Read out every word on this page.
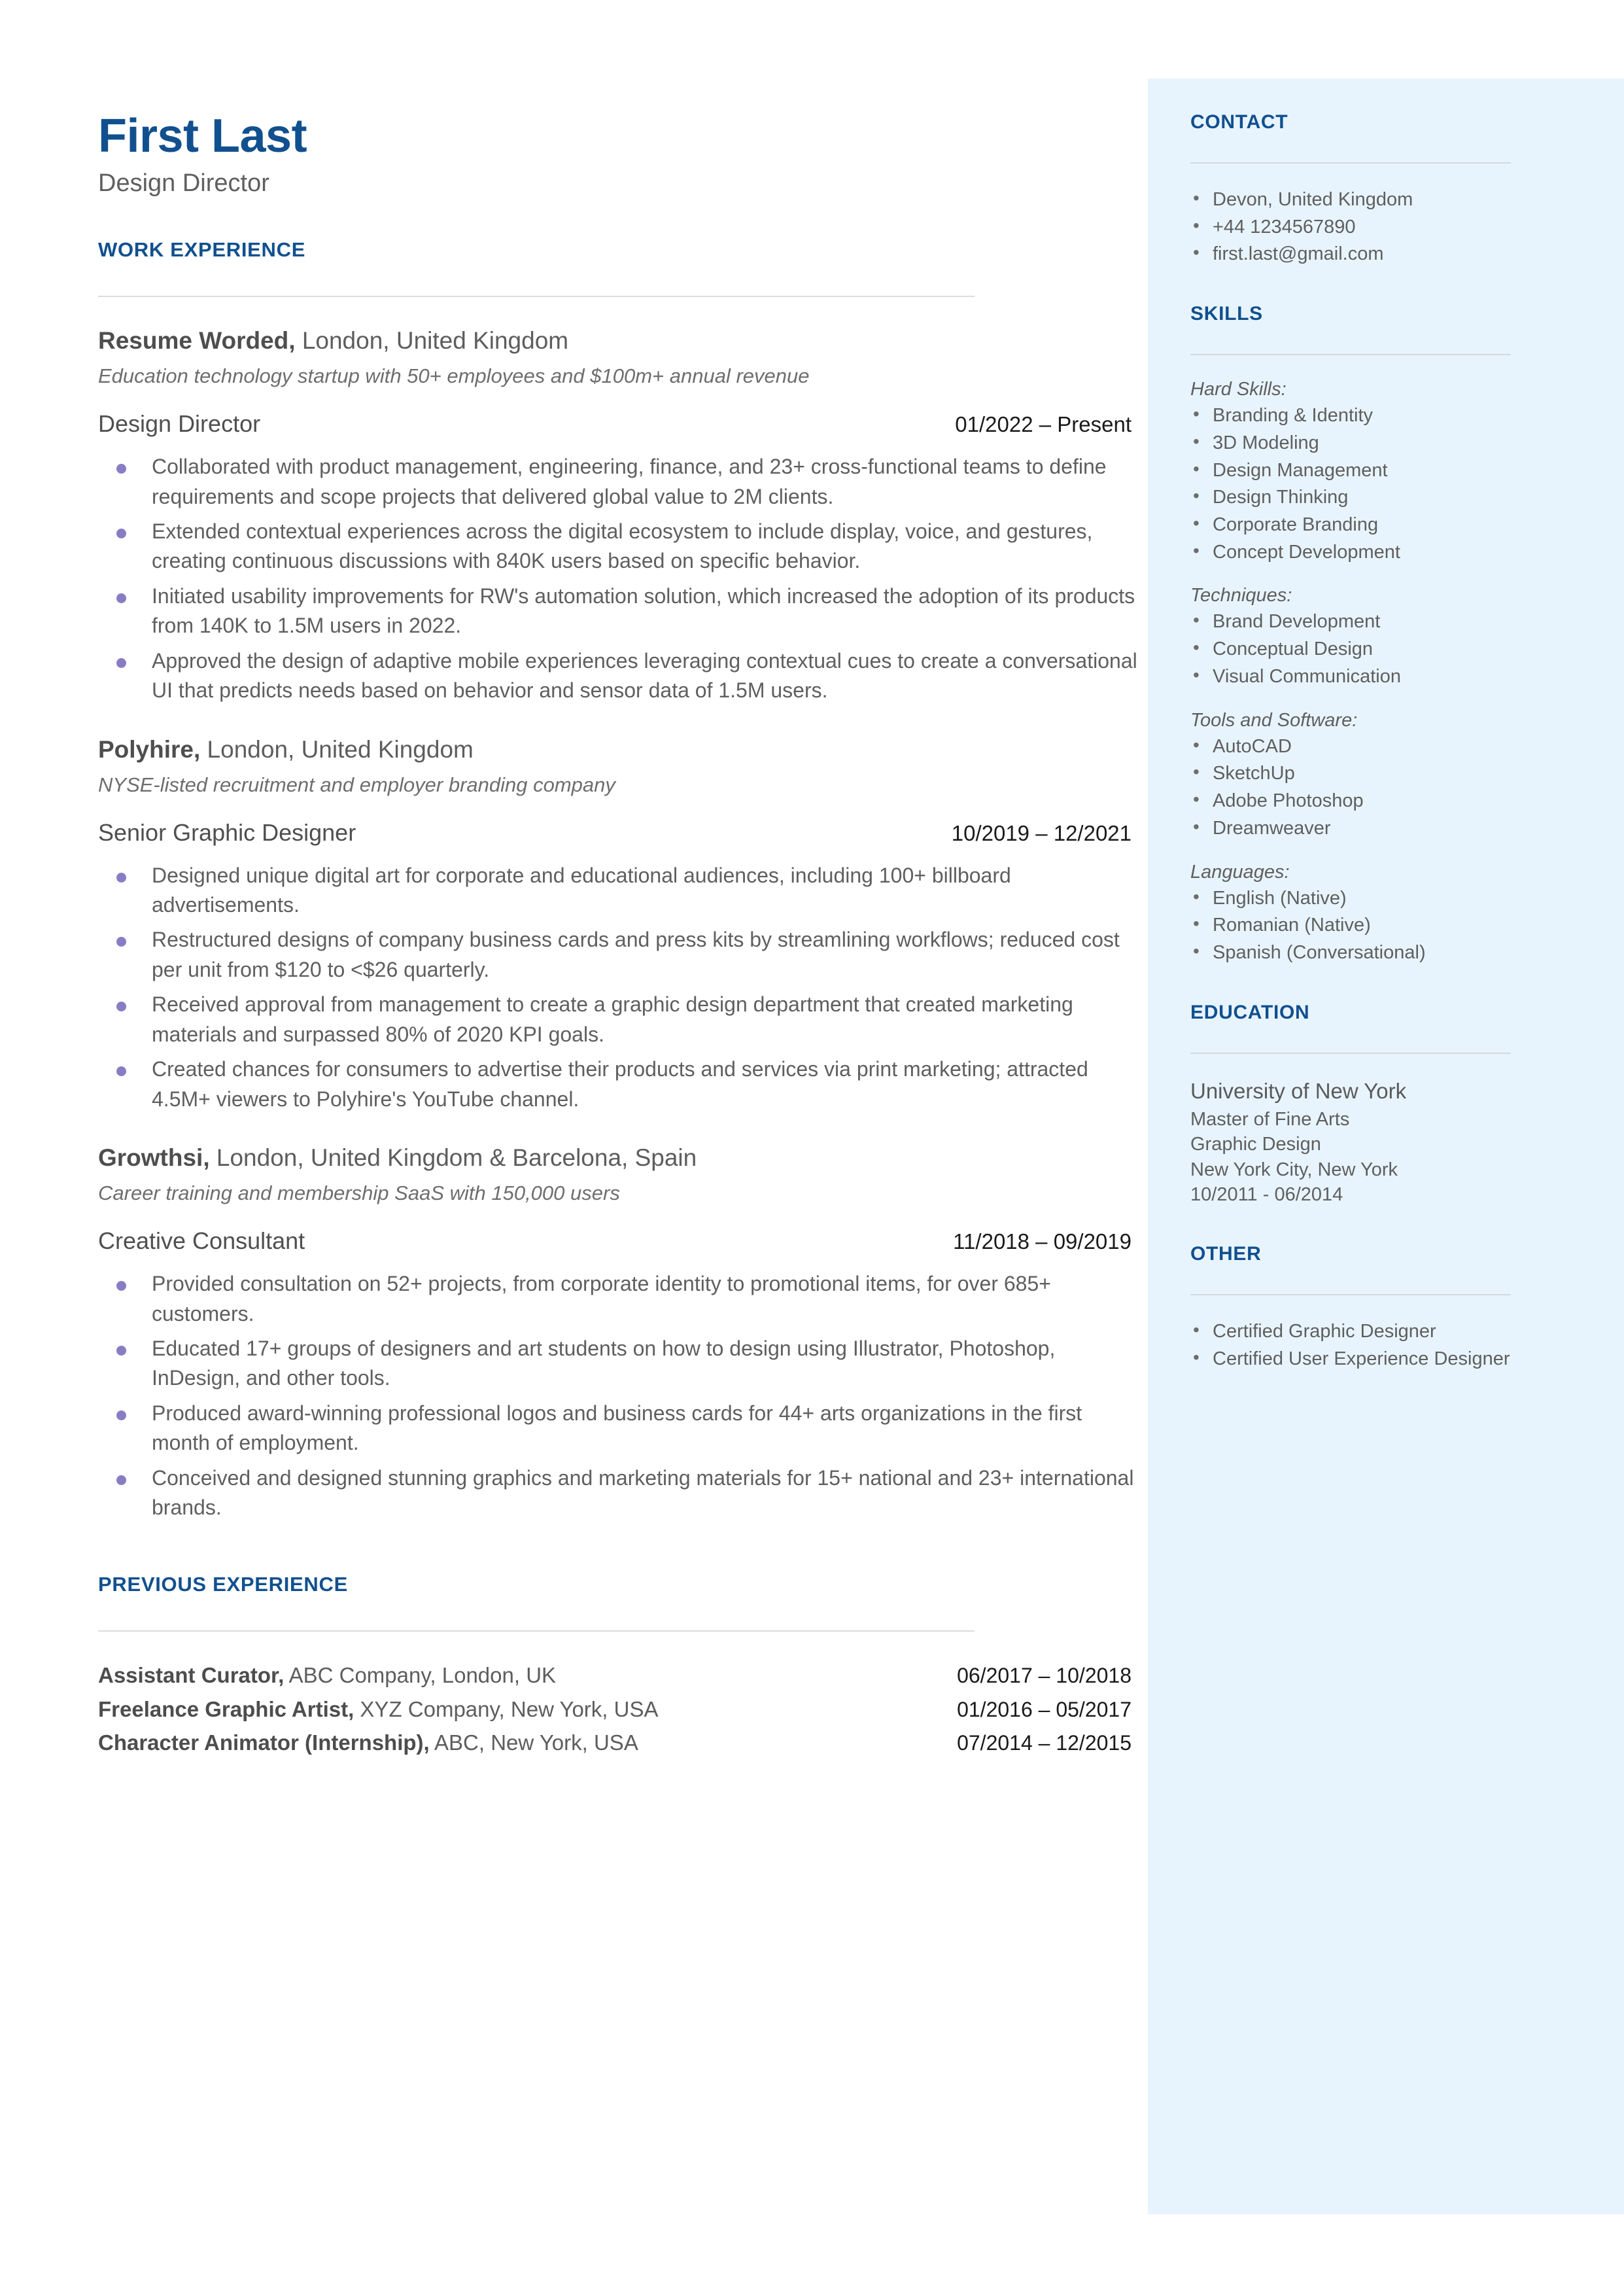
First Last
Design Director
WORK EXPERIENCE
Resume Worded, London, United Kingdom
Education technology startup with 50+ employees and $100m+ annual revenue
Design Director	01/2022 – Present
Collaborated with product management, engineering, finance, and 23+ cross-functional teams to define requirements and scope projects that delivered global value to 2M clients.
Extended contextual experiences across the digital ecosystem to include display, voice, and gestures, creating continuous discussions with 840K users based on specific behavior.
Initiated usability improvements for RW's automation solution, which increased the adoption of its products from 140K to 1.5M users in 2022.
Approved the design of adaptive mobile experiences leveraging contextual cues to create a conversational UI that predicts needs based on behavior and sensor data of 1.5M users.
Polyhire, London, United Kingdom
NYSE-listed recruitment and employer branding company
Senior Graphic Designer	10/2019 – 12/2021
Designed unique digital art for corporate and educational audiences, including 100+ billboard advertisements.
Restructured designs of company business cards and press kits by streamlining workflows; reduced cost per unit from $120 to <$26 quarterly.
Received approval from management to create a graphic design department that created marketing materials and surpassed 80% of 2020 KPI goals.
Created chances for consumers to advertise their products and services via print marketing; attracted 4.5M+ viewers to Polyhire's YouTube channel.
Growthsi, London, United Kingdom & Barcelona, Spain
Career training and membership SaaS with 150,000 users
Creative Consultant	11/2018 – 09/2019
Provided consultation on 52+ projects, from corporate identity to promotional items, for over 685+ customers.
Educated 17+ groups of designers and art students on how to design using Illustrator, Photoshop, InDesign, and other tools.
Produced award-winning professional logos and business cards for 44+ arts organizations in the first month of employment.
Conceived and designed stunning graphics and marketing materials for 15+ national and 23+ international brands.
PREVIOUS EXPERIENCE
Assistant Curator, ABC Company, London, UK	06/2017 – 10/2018
Freelance Graphic Artist, XYZ Company, New York, USA	01/2016 – 05/2017
Character Animator (Internship), ABC, New York, USA	07/2014 – 12/2015
CONTACT
• Devon, United Kingdom
• +44 1234567890
• first.last@gmail.com
SKILLS
Hard Skills:
• Branding & Identity
• 3D Modeling
• Design Management
• Design Thinking
• Corporate Branding
• Concept Development
Techniques:
• Brand Development
• Conceptual Design
• Visual Communication
Tools and Software:
• AutoCAD
• SketchUp
• Adobe Photoshop
• Dreamweaver
Languages:
• English (Native)
• Romanian (Native)
• Spanish (Conversational)
EDUCATION
University of New York
Master of Fine Arts
Graphic Design
New York City, New York
10/2011 - 06/2014
OTHER
• Certified Graphic Designer
• Certified User Experience Designer
